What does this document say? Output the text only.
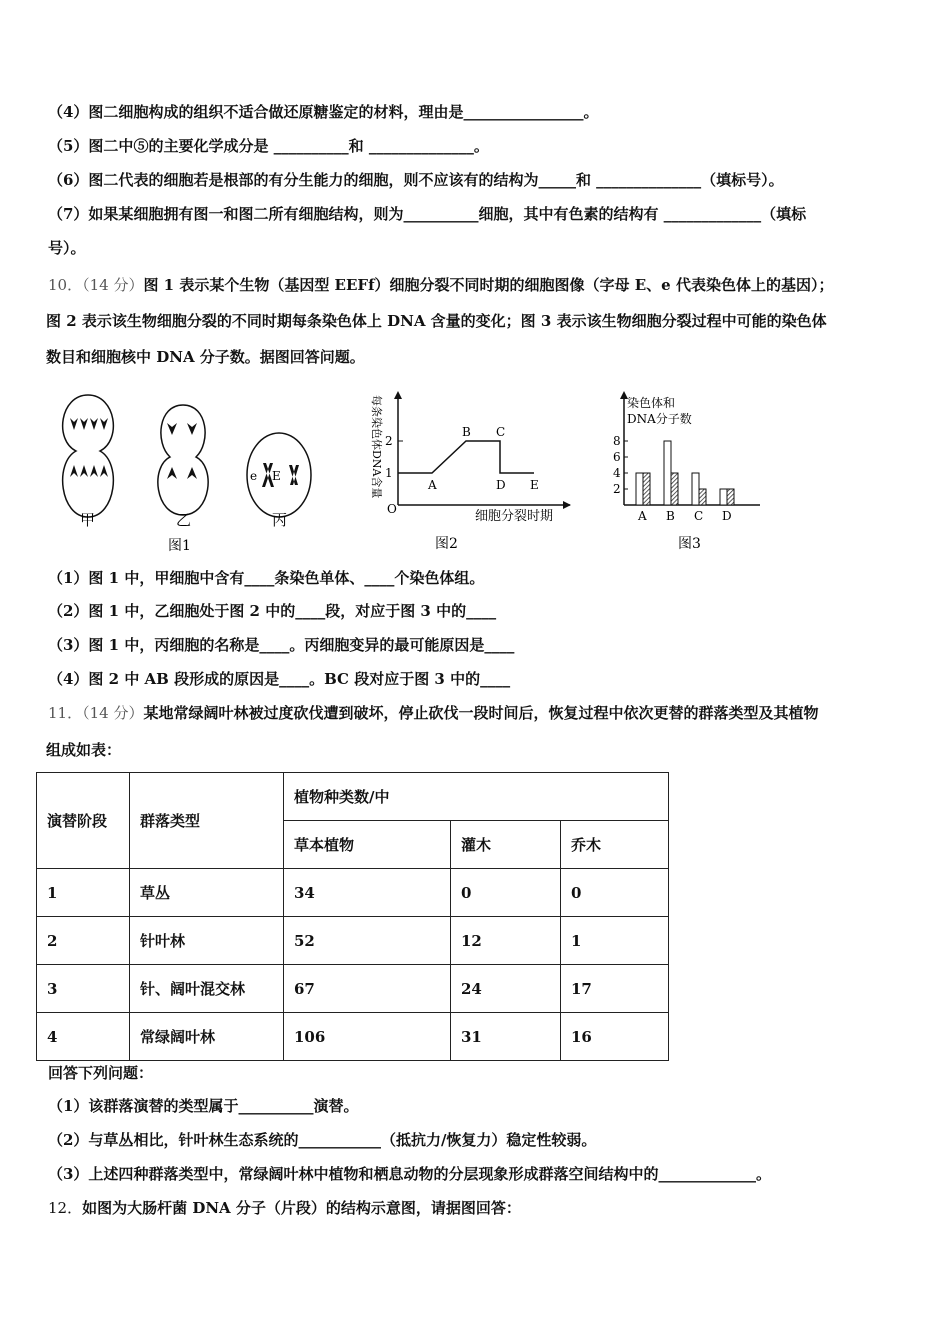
（4）图二细胞构成的组织不适合做还原糖鉴定的材料，理由是________________。
（5）图二中⑤的主要化学成分是 __________和 ______________。
（6）图二代表的细胞若是根部的有分生能力的细胞，则不应该有的结构为_____和 ______________（填标号）。
（7）如果某细胞拥有图一和图二所有细胞结构，则为__________细胞，其中有色素的结构有 _____________（填标
号）。
10．（14 分）图 1 表示某个生物（基因型 EEFf）细胞分裂不同时期的细胞图像（字母 E、e 代表染色体上的基因）；
图 2 表示该生物细胞分裂的不同时期每条染色体上 DNA 含量的变化；图 3 表示该生物细胞分裂过程中可能的染色体
数目和细胞核中 DNA 分子数。据图回答问题。
e E
甲	乙	丙
图1
O
1
2
A
B C
D E
每条染色体DNA含量
细胞分裂时期
图2
染色体和
DNA分子数
2
4
6
8
A B C D
图3
（1）图 1 中，甲细胞中含有____条染色单体、____个染色体组。
（2）图 1 中，乙细胞处于图 2 中的____段，对应于图 3 中的____
（3）图 1 中，丙细胞的名称是____。丙细胞变异的最可能原因是____
（4）图 2 中 AB 段形成的原因是____。BC 段对应于图 3 中的____
11．（14 分）某地常绿阔叶林被过度砍伐遭到破坏，停止砍伐一段时间后，恢复过程中依次更替的群落类型及其植物
组成如表：
演替阶段	群落类型	植物种类数/中		
		草本植物	灌木	乔木
1	草丛	34	0	0
2	针叶林	52	12	1
3	针、阔叶混交林	67	24	17
4	常绿阔叶林	106	31	16
回答下列问题：
（1）该群落演替的类型属于__________演替。
（2）与草丛相比，针叶林生态系统的___________（抵抗力/恢复力）稳定性较弱。
（3）上述四种群落类型中，常绿阔叶林中植物和栖息动物的分层现象形成群落空间结构中的_____________。
12．如图为大肠杆菌 DNA 分子（片段）的结构示意图，请据图回答：
